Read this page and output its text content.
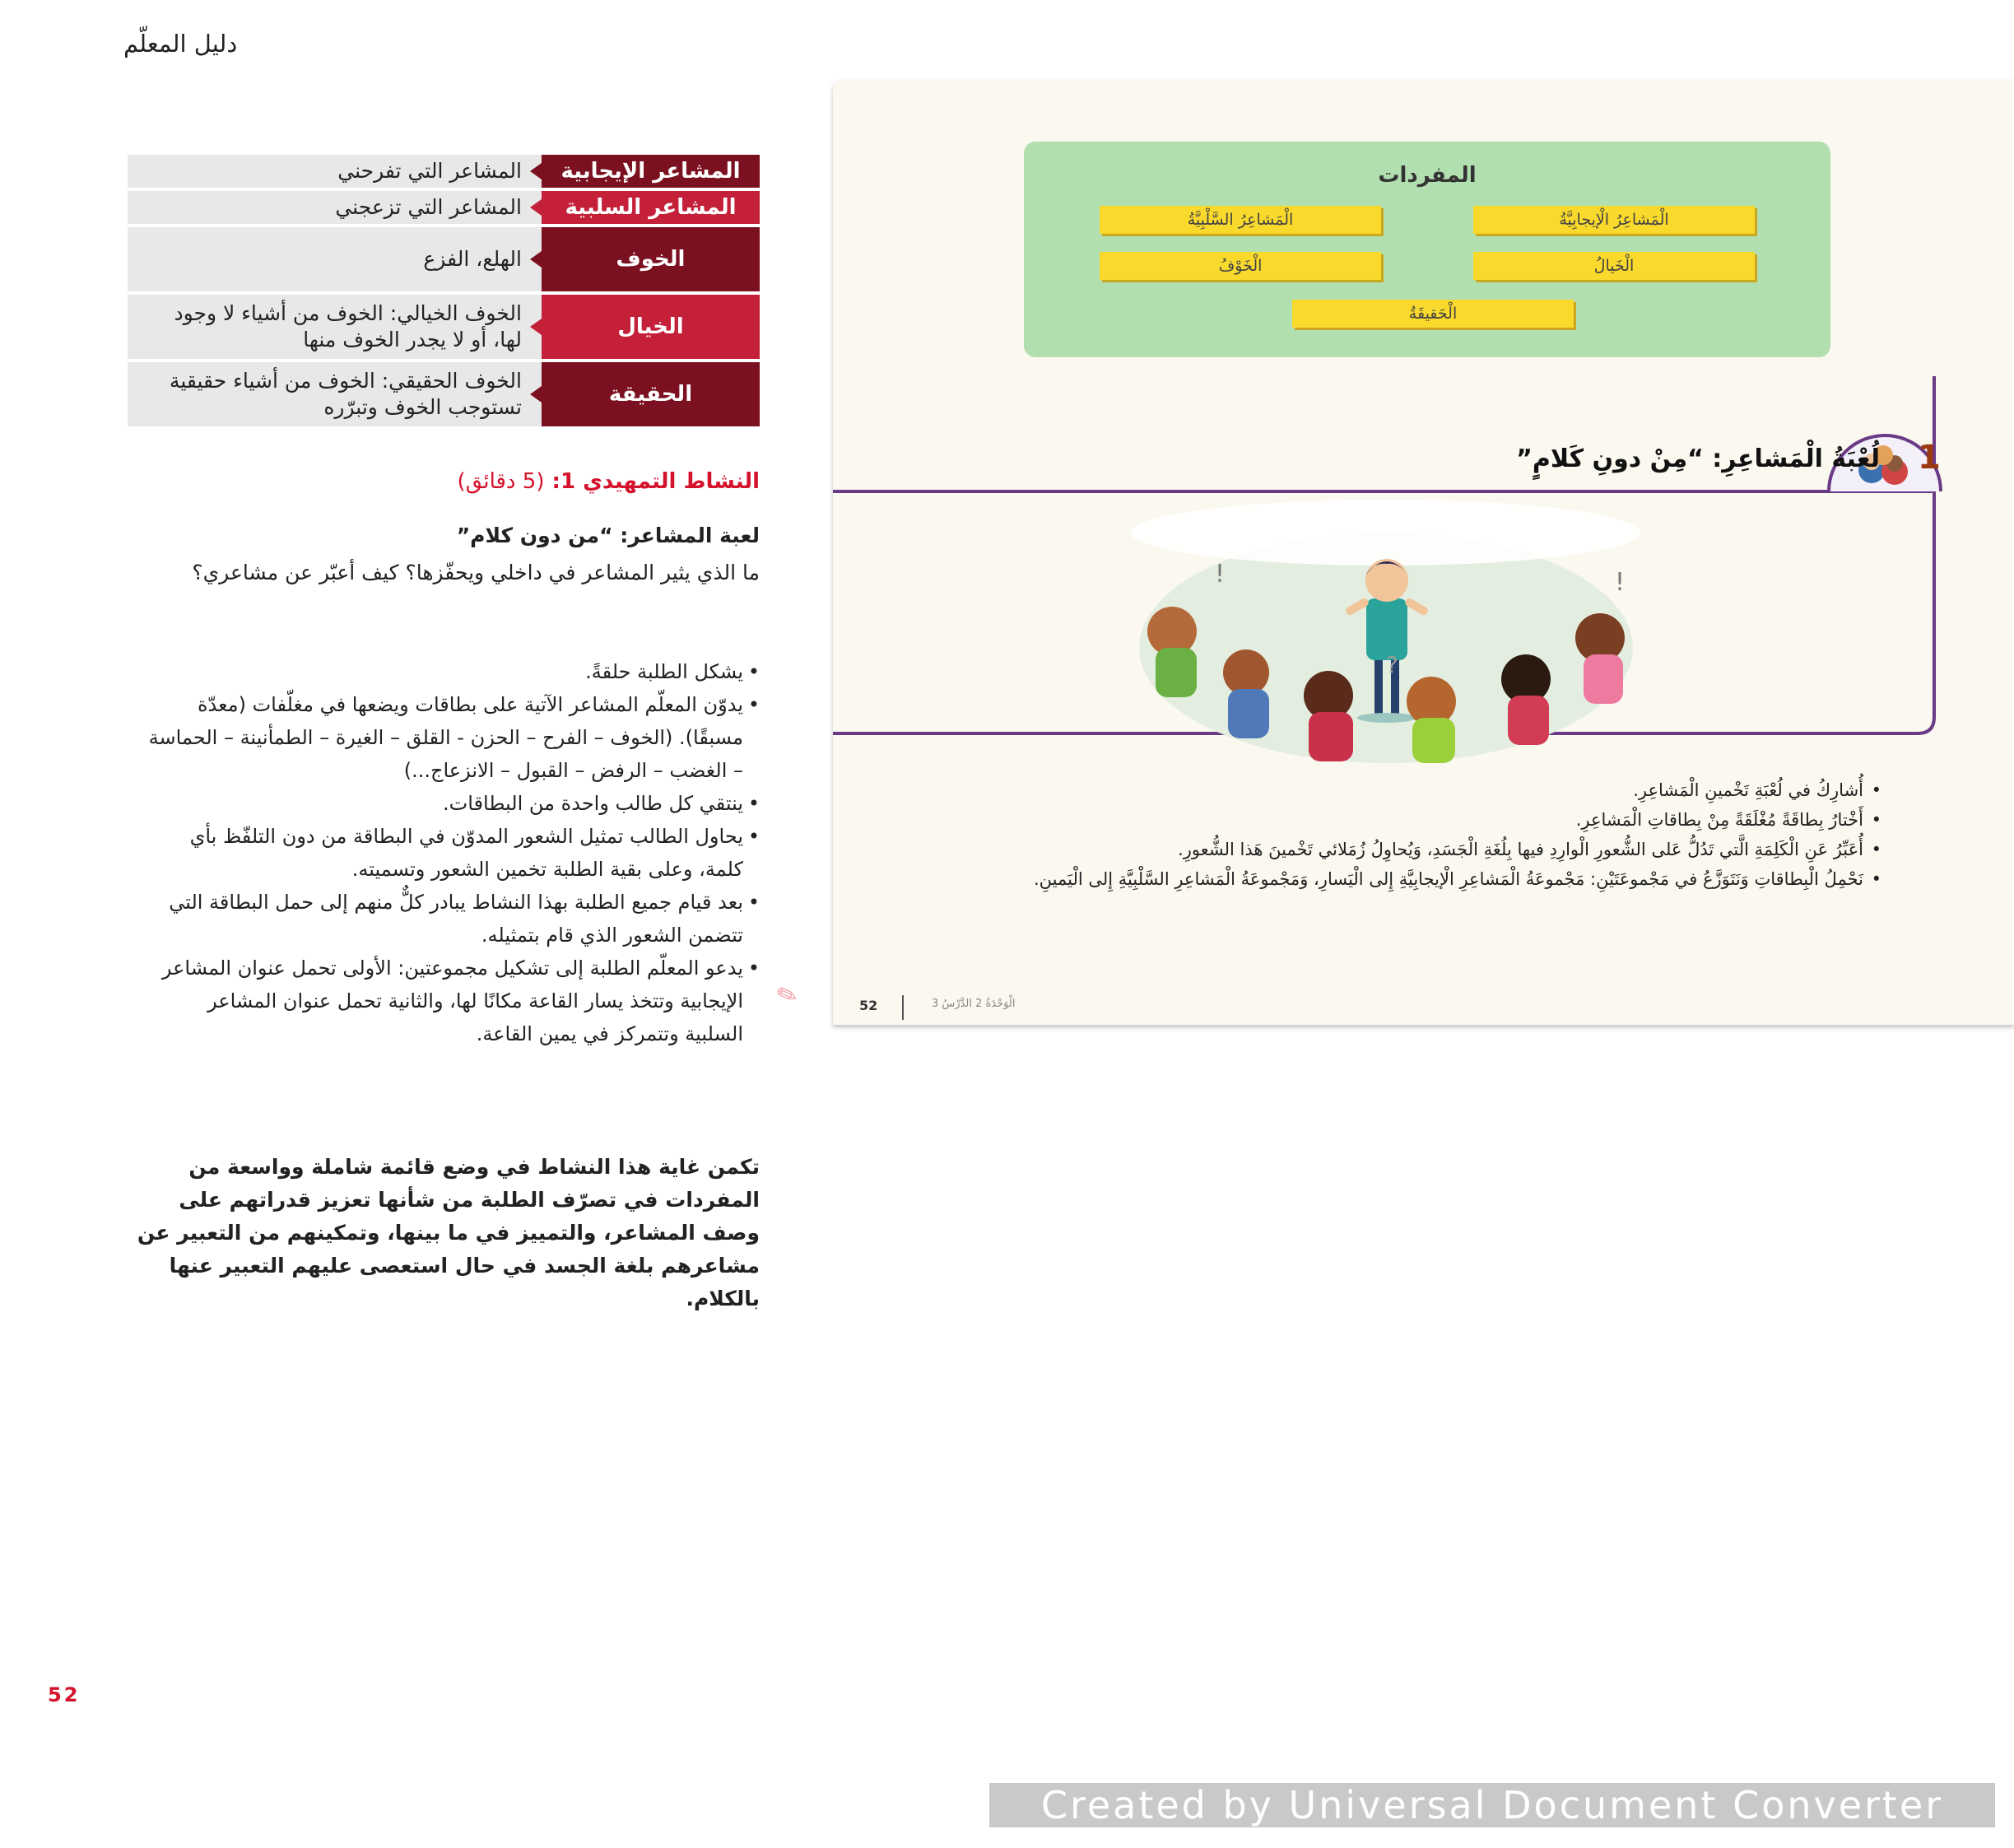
دليل المعلّم
المشاعر الإيجابية
المشاعر التي تفرحني
المشاعر السلبية
المشاعر التي تزعجني
الخوف
الهلع، الفزع
الخيال
الخوف الخيالي: الخوف من أشياء لا وجود لها، أو لا يجدر الخوف منها
الحقيقة
الخوف الحقيقي: الخوف من أشياء حقيقية تستوجب الخوف وتبرّره
النشاط التمهيدي 1: (5 دقائق)
لعبة المشاعر: “من دون كلام”
ما الذي يثير المشاعر في داخلي ويحفّزها؟ كيف أعبّر عن مشاعري؟
• يشكل الطلبة حلقةً.
• يدوّن المعلّم المشاعر الآتية على بطاقات ويضعها في مغلّفات (معدّة مسبقًا). (الخوف – الفرح – الحزن - القلق – الغيرة – الطمأنينة – الحماسة – الغضب – الرفض – القبول – الانزعاج...)
• ينتقي كل طالب واحدة من البطاقات.
• يحاول الطالب تمثيل الشعور المدوّن في البطاقة من دون التلفّظ بأي كلمة، وعلى بقية الطلبة تخمين الشعور وتسميته.
• بعد قيام جميع الطلبة بهذا النشاط يبادر كلٌّ منهم إلى حمل البطاقة التي تتضمن الشعور الذي قام بتمثيله.
• يدعو المعلّم الطلبة إلى تشكيل مجموعتين: الأولى تحمل عنوان المشاعر الإيجابية وتتخذ يسار القاعة مكانًا لها، والثانية تحمل عنوان المشاعر السلبية وتتمركز في يمين القاعة.
تكمن غاية هذا النشاط في وضع قائمة شاملة وواسعة من المفردات في تصرّف الطلبة من شأنها تعزيز قدراتهم على وصف المشاعر، والتمييز في ما بينها، وتمكينهم من التعبير عن مشاعرهم بلغة الجسد في حال استعصى عليهم التعبير عنها بالكلام.
52
المفردات
الْمَشاعِرُ الْإيجابِيَّةُ
الْمَشاعِرُ السَّلْبِيَّةُ
الْخَيالُ
الْخَوْفُ
الْحَقيقَةُ
1
لُعْبَةُ الْمَشاعِرِ: “مِنْ دونِ كَلامٍ”
!	!
?
• أُشارِكُ في لُعْبَةِ تَخْمينِ الْمَشاعِرِ.
• أَخْتارُ بِطاقَةً مُغْلَقَةً مِنْ بِطاقاتِ الْمَشاعِرِ.
• أُعَبِّرُ عَنِ الْكَلِمَةِ الَّتي تَدُلُّ عَلى الشُّعورِ الْوارِدِ فيها بِلُغَةِ الْجَسَدِ، وَيُحاوِلُ زُمَلائي تَخْمينَ هَذا الشُّعورِ.
• نَحْمِلُ الْبِطاقاتِ وَنَتَوَزَّعُ في مَجْموعَتَيْنِ: مَجْموعَةُ الْمَشاعِرِ الْإيجابِيَّةِ إِلى الْيَسارِ، وَمَجْموعَةُ الْمَشاعِرِ السَّلْبِيَّةِ إِلى الْيَمينِ.
52	الْوَحْدَةُ 2 الدَّرْسُ 3
✎
Created by Universal Document Converter
